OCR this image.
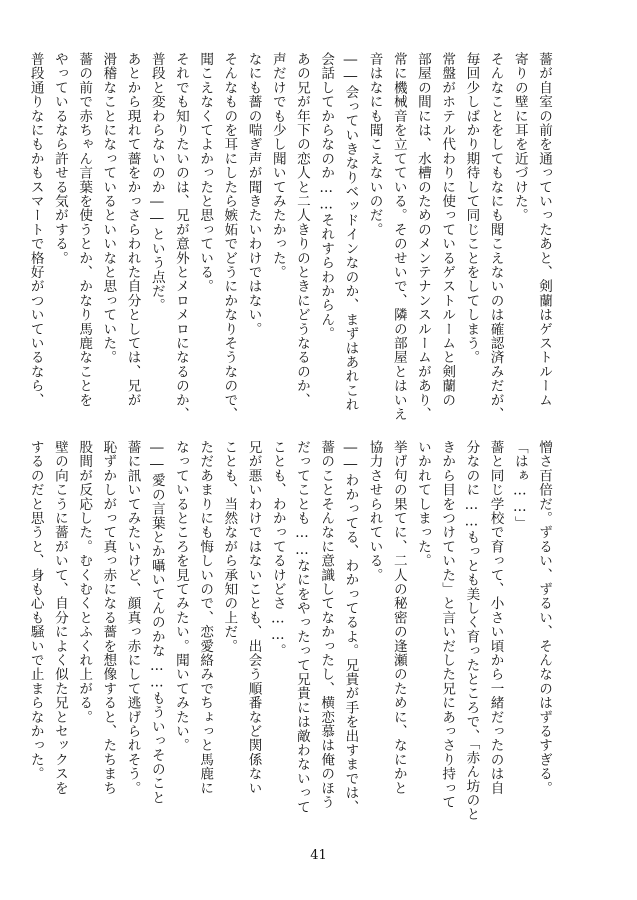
薔が自室の前を通っていったあと、剣蘭はゲストルーム

寄りの壁に耳を近づけた。

そんなことをしてもなにも聞こえないのは確認済みだが、

毎回少しばかり期待して同じことをしてしまう。

常盤がホテル代わりに使っているゲストルームと剣蘭の

部屋の間には、水槽のためのメンテナンスルームがあり、

常に機械音を立てている。そのせいで、隣の部屋とはいえ

音はなにも聞こえないのだ。

――会っていきなりベッドインなのか、まずはあれこれ

会話してからなのか……それすらわからん。

あの兄が年下の恋人と二人きりのときにどうなるのか、

声だけでも少し聞いてみたかった。

なにも薔の喘ぎ声が聞きたいわけではない。

そんなものを耳にしたら嫉妬でどうにかなりそうなので、

聞こえなくてよかったと思っている。

それでも知りたいのは、兄が意外とメロメロになるのか、

普段と変わらないのか――という点だ。

あとから現れて薔をかっさらわれた自分としては、兄が

滑稽なことになっているといいなと思っていた。

薔の前で赤ちゃん言葉を使うとか、かなり馬鹿なことを

やっているなら許せる気がする。

普段通りなにもかもスマートで格好がついているなら、

憎さ百倍だ。ずるい、ずるい、そんなのはずるすぎる。

「はぁ……」

薔と同じ学校で育って、小さい頃から一緒だったのは自

分なのに……もっとも美しく育ったところで、「赤ん坊のと

きから目をつけていた」と言いだした兄にあっさり持って

いかれてしまった。

挙げ句の果てに、二人の秘密の逢瀬のために、なにかと

協力させられている。

――わかってる、わかってるよ。兄貴が手を出すまでは、

薔のことそんなに意識してなかったし、横恋慕は俺のほう

だってことも……なにをやったって兄貴には敵わないって

ことも、わかってるけどさ……。

兄が悪いわけではないことも、出会う順番など関係ない

ことも、当然ながら承知の上だ。

ただあまりにも悔しいので、恋愛絡みでちょっと馬鹿に

なっているところを見てみたい。聞いてみたい。

――愛の言葉とか囁いてんのかな……もういっそのこと

薔に訊いてみたいけど、顔真っ赤にして逃げられそう。

恥ずかしがって真っ赤になる薔を想像すると、たちまち

股間が反応した。むくむくとふくれ上がる。

壁の向こうに薔がいて、自分によく似た兄とセックスを

するのだと思うと、身も心も騒いで止まらなかった。

41
